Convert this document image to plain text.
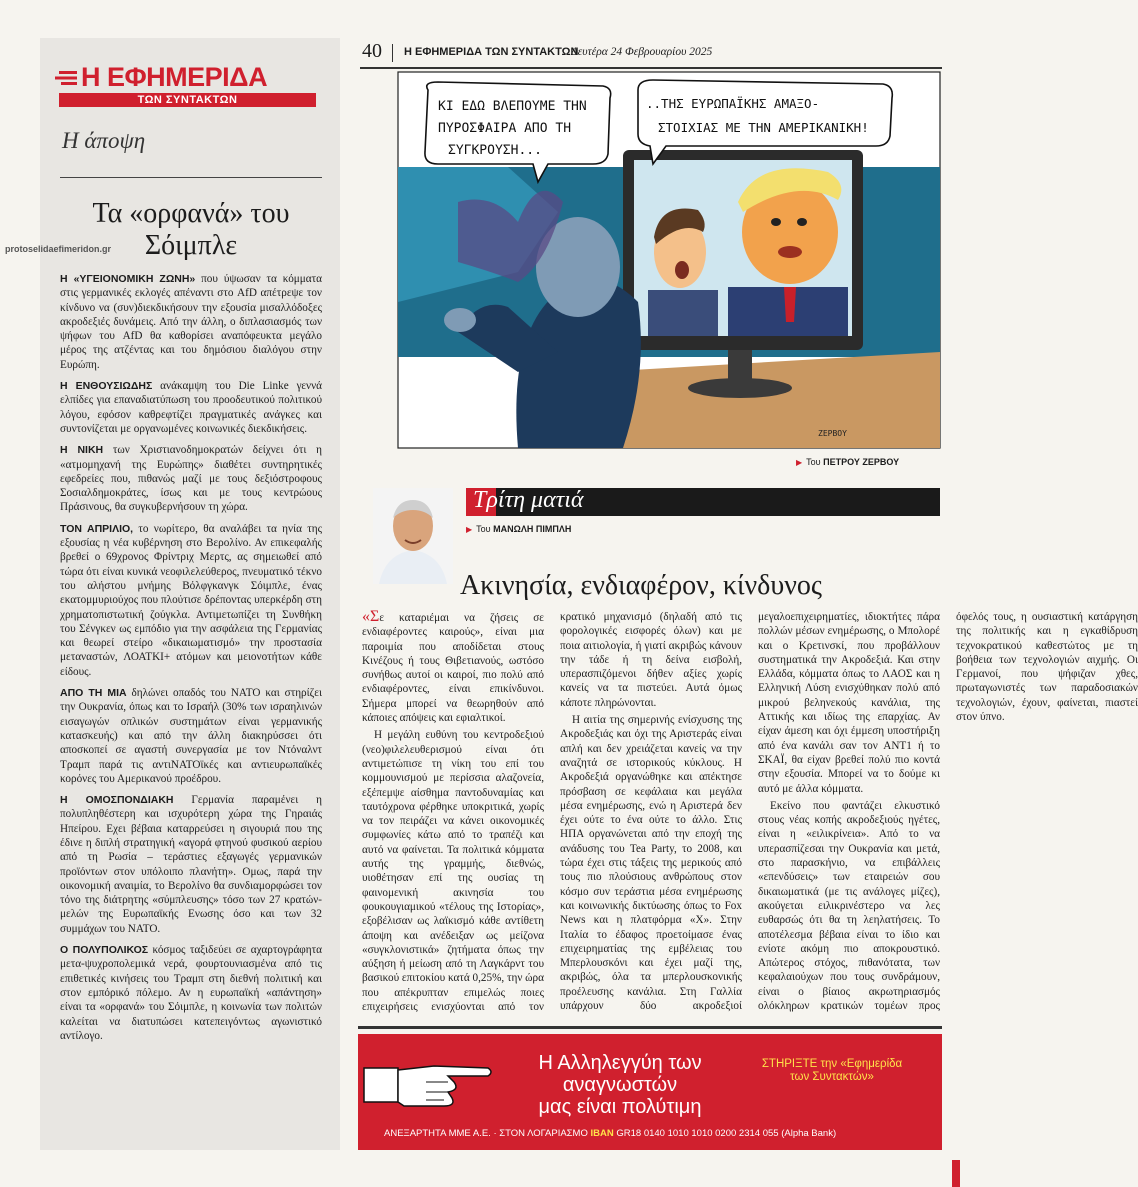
Η ΕΦΗΜΕΡΙΔΑ
ΤΩΝ ΣΥΝΤΑΚΤΩΝ
Η άποψη
Τα «ορφανά» του Σόιμπλε
protoselidaefimeridon.gr

Η «ΥΓΕΙΟΝΟΜΙΚΗ ΖΩΝΗ» που ύψωσαν τα κόμματα στις γερμανικές εκλογές απέναντι στο AfD απέτρεψε τον κίνδυνο να (συν)διεκδικήσουν την εξουσία μισαλλόδοξες ακροδεξιές δυνάμεις. Από την άλλη, ο διπλασιασμός των ψήφων του AfD θα καθορίσει αναπόφευκτα μεγάλο μέρος της ατζέντας και του δημόσιου διαλόγου στην Ευρώπη.

Η ΕΝΘΟΥΣΙΩΔΗΣ ανάκαμψη του Die Linke γεννά ελπίδες για επαναδιατύπωση του προοδευτικού πολιτικού λόγου, εφόσον καθρεφτίζει πραγματικές ανάγκες και συντονίζεται με οργανωμένες κοινωνικές διεκδικήσεις.

Η ΝΙΚΗ των Χριστιανοδημοκρατών δείχνει ότι η «ατμομηχανή της Ευρώπης» διαθέτει συντηρητικές εφεδρείες που, πιθανώς μαζί με τους δεξιόστροφους Σοσιαλδημοκράτες, ίσως και με τους κεντρώους Πράσινους, θα συγκυβερνήσουν τη χώρα.

ΤΟΝ ΑΠΡΙΛΙΟ, το νωρίτερο, θα αναλάβει τα ηνία της εξουσίας η νέα κυβέρνηση στο Βερολίνο. Αν επικεφαλής βρεθεί ο 69χρονος Φρίντριχ Μερτς, ας σημειωθεί από τώρα ότι είναι κυνικά νεοφιλελεύθερος, πνευματικό τέκνο του αλήστου μνήμης Βόλφγκανγκ Σόιμπλε, ένας εκατομμυριούχος που πλούτισε δρέποντας υπερκέρδη στη χρηματοπιστωτική ζούγκλα. Αντιμετωπίζει τη Συνθήκη του Σένγκεν ως εμπόδιο για την ασφάλεια της Γερμανίας και θεωρεί στείρο «δικαιωματισμό» την προστασία μεταναστών, ΛΟΑΤΚΙ+ ατόμων και μειονοτήτων κάθε είδους.

ΑΠΟ ΤΗ ΜΙΑ δηλώνει οπαδός του ΝΑΤΟ και στηρίζει την Ουκρανία, όπως και το Ισραήλ (30% των ισραηλινών εισαγωγών οπλικών συστημάτων είναι γερμανικής κατασκευής) και από την άλλη διακηρύσσει ότι αποσκοπεί σε αγαστή συνεργασία με τον Ντόναλντ Τραμπ παρά τις αντιΝΑΤΟϊκές και αντιευρωπαϊκές κορόνες του Αμερικανού προέδρου.

Η ΟΜΟΣΠΟΝΔΙΑΚΗ Γερμανία παραμένει η πολυπληθέστερη και ισχυρότερη χώρα της Γηραιάς Ηπείρου. Εχει βέβαια καταρρεύσει η σιγουριά που της έδινε η διπλή στρατηγική «αγορά φτηνού φυσικού αερίου από τη Ρωσία – τεράστιες εξαγωγές γερμανικών προϊόντων στον υπόλοιπο πλανήτη». Ομως, παρά την οικονομική αναιμία, το Βερολίνο θα συνδιαμορφώσει τον τόνο της διάτρητης «σύμπλευσης» τόσο των 27 κρατών-μελών της Ευρωπαϊκής Ενωσης όσο και των 32 συμμάχων του ΝΑΤΟ.

Ο ΠΟΛΥΠΟΛΙΚΟΣ κόσμος ταξιδεύει σε αχαρτογράφητα μετα-ψυχροπολεμικά νερά, φουρτουνιασμένα από τις επιθετικές κινήσεις του Τραμπ στη διεθνή πολιτική και στον εμπόρικό πόλεμο. Αν η ευρωπαϊκή «απάντηση» είναι τα «ορφανά» του Σόιμπλε, η κοινωνία των πολιτών καλείται να διατυπώσει κατεπειγόντως αγωνιστικό αντίλογο.

40 Η ΕΦΗΜΕΡΙΔΑ ΤΩΝ ΣΥΝΤΑΚΤΩΝ
Δευτέρα 24 Φεβρουαρίου 2025
ΚΙ ΕΔΩ ΒΛΕΠΟΥΜΕ ΤΗΝ
ΠΥΡΟΣΦΑΙΡΑ ΑΠΟ ΤΗ
ΣΥΓΚΡΟΥΣΗ...
..ΤΗΣ ΕΥΡΩΠΑΪΚΗΣ ΑΜΑΞΟ-
ΣΤΟΙΧΙΑΣ ΜΕ ΤΗΝ ΑΜΕΡΙΚΑΝΙΚΗ!
ΖΕΡΒΟΥ
▶ Του ΠΕΤΡΟΥ ΖΕΡΒΟΥ
Τρίτη ματιά
▶ Του ΜΑΝΩΛΗ ΠΙΜΠΛΗ
Ακινησία, ενδιαφέρον, κίνδυνος

«Σε καταριέμαι να ζήσεις σε ενδιαφέροντες καιρούς», είναι μια παροιμία που αποδίδεται στους Κινέζους ή τους Θιβετιανούς, ωστόσο συνήθως αυτοί οι καιροί, πιο πολύ από ενδιαφέροντες, είναι επικίνδυνοι. Σήμερα μπορεί να θεωρηθούν από κάποιες απόψεις και εφιαλτικοί.

Η μεγάλη ευθύνη του κεντροδεξιού (νεο)φιλελευθερισμού είναι ότι αντιμετώπισε τη νίκη του επί του κομμουνισμού με περίσσια αλαζονεία, εξέπεμψε αίσθημα παντοδυναμίας και ταυτόχρονα φέρθηκε υποκριτικά, χωρίς να τον πειράζει να κάνει οικονομικές συμφωνίες κάτω από το τραπέζι και αυτό να φαίνεται. Τα πολιτικά κόμματα αυτής της γραμμής, διεθνώς, υιοθέτησαν επί της ουσίας τη φαινομενική ακινησία του φουκουγιαμικού «τέλους της Ιστορίας», εξοβέλισαν ως λαϊκισμό κάθε αντίθετη άποψη και ανέδειξαν ως μείζονα «συγκλονιστικά» ζητήματα όπως την αύξηση ή μείωση από τη Λαγκάρντ του βασικού επιτοκίου κατά 0,25%, την ώρα που απέκρυπταν επιμελώς ποιες επιχειρήσεις ενισχύονται από τον κρατικό μηχανισμό (δηλαδή από τις φορολογικές εισφορές όλων) και με ποια αιτιολογία, ή γιατί ακριβώς κάνουν την τάδε ή τη δείνα εισβολή, υπερασπιζόμενοι δήθεν αξίες χωρίς κανείς να τα πιστεύει. Αυτά όμως κάποτε πληρώνονται.

Η αιτία της σημερινής ενίσχυσης της Ακροδεξιάς και όχι της Αριστεράς είναι απλή και δεν χρειάζεται κανείς να την αναζητά σε ιστορικούς κύκλους. Η Ακροδεξιά οργανώθηκε και απέκτησε πρόσβαση σε κεφάλαια και μεγάλα μέσα ενημέρωσης, ενώ η Αριστερά δεν έχει ούτε το ένα ούτε το άλλο. Στις ΗΠΑ οργανώνεται από την εποχή της ανάδυσης του Tea Party, το 2008, και τώρα έχει στις τάξεις της μερικούς από τους πιο πλούσιους ανθρώπους στον κόσμο συν τεράστια μέσα ενημέρωσης και κοινωνικής δικτύωσης όπως το Fox News και η πλατφόρμα «Χ». Στην Ιταλία το έδαφος προετοίμασε ένας επιχειρηματίας της εμβέλειας του Μπερλουσκόνι και έχει μαζί της, ακριβώς, όλα τα μπερλουσκονικής προέλευσης κανάλια. Στη Γαλλία υπάρχουν δύο ακροδεξιοί μεγαλοεπιχειρηματίες, ιδιοκτήτες πάρα πολλών μέσων ενημέρωσης, ο Μπολορέ και ο Κρετινσκί, που προβάλλουν συστηματικά την Ακροδεξιά. Και στην Ελλάδα, κόμματα όπως το ΛΑΟΣ και η Ελληνική Λύση ενισχύθηκαν πολύ από μικρού βεληνεκούς κανάλια, της Αττικής και ιδίως της επαρχίας. Αν είχαν άμεση και όχι έμμεση υποστήριξη από ένα κανάλι σαν τον ΑΝΤ1 ή το ΣΚΑΪ, θα είχαν βρεθεί πολύ πιο κοντά στην εξουσία. Μπορεί να το δούμε κι αυτό με άλλα κόμματα.

Εκείνο που φαντάζει ελκυστικό στους νέας κοπής ακροδεξιούς ηγέτες, είναι η «ειλικρίνεια». Από το να υπερασπίζεσαι την Ουκρανία και μετά, στο παρασκήνιο, να επιβάλλεις «επενδύσεις» των εταιρειών σου δικαιωματικά (με τις ανάλογες μίζες), ακούγεται ειλικρινέστερο να λες ευθαρσώς ότι θα τη λεηλατήσεις. Το αποτέλεσμα βέβαια είναι το ίδιο και ενίοτε ακόμη πιο αποκρουστικό. Απώτερος στόχος, πιθανότατα, των κεφαλαιούχων που τους συνδράμουν, είναι ο βίαιος ακρωτηριασμός ολόκληρων κρατικών τομέων προς όφελός τους, η ουσιαστική κατάργηση της πολιτικής και η εγκαθίδρυση τεχνοκρατικού καθεστώτος με τη βοήθεια των τεχνολογιών αιχμής. Οι Γερμανοί, που ψήφιζαν χθες, πρωταγωνιστές των παραδοσιακών τεχνολογιών, έχουν, φαίνεται, πιαστεί στον ύπνο.

Η Αλληλεγγύη των αναγνωστών
μας είναι πολύτιμη
ΣΤΗΡΙΞΤΕ την «Εφημερίδα
των Συντακτών»
ΑΝΕΞΑΡΤΗΤΑ ΜΜΕ Α.Ε. · ΣΤΟΝ ΛΟΓΑΡΙΑΣΜΟ IBAN GR18 0140 1010 1010 0200 2314 055 (Alpha Bank)
